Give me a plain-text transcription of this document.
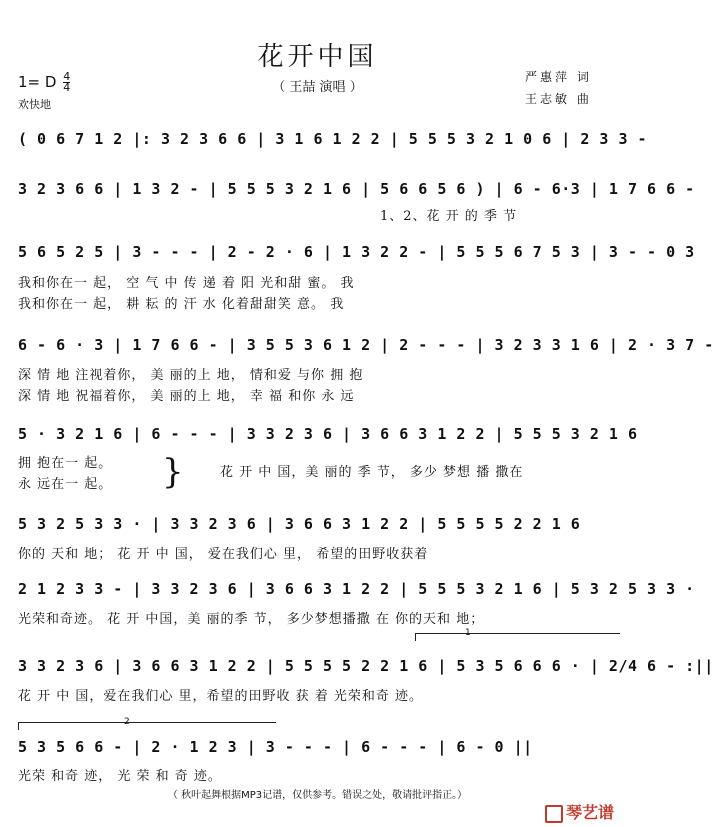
花开中国
（ 王喆 演唱 ）
1= D $\frac{4}{4}$
欢快地
严惠萍 词
王志敏 曲
( 0 6 7 1 2 |: 3 2 3 6 6 | 3 1 6 1 2 2 | 5 5 5 3 2 1 0 6 | 2 3 3 -
3 2 3 6 6 | 1 3 2 - | 5 5 5 3 2 1 6 | 5 6 6 5 6 ) | 6 - 6·3 | 1 7 6 6 -
1、2、花 开 的 季 节
5 6 5 2 5 | 3 - - - | 2 - 2 · 6 | 1 3 2 2 - | 5 5 5 6 7 5 3 | 3 - - 0 3
我和你在一 起， 空 气 中 传 递 着 阳 光和甜 蜜。 我
我和你在一 起， 耕 耘 的 汗 水 化着甜甜笑 意。 我
6 - 6 · 3 | 1 7 6 6 - | 3 5 5 3 6 1 2 | 2 - - - | 3 2 3 3 1 6 | 2 · 3 7 -
深 情 地 注视着你， 美 丽的上 地， 情和爱 与你 拥 抱
深 情 地 祝福着你， 美 丽的上 地， 幸 福 和你 永 远
5 · 3 2 1 6 | 6 - - - | 3 3 2 3 6 | 3 6 6 3 1 2 2 | 5 5 5 3 2 1 6
拥 抱在一 起。
永 远在一 起。 }	花 开 中 国，美 丽的 季 节， 多少 梦想 播 撒在
5 3 2 5 3 3 · | 3 3 2 3 6 | 3 6 6 3 1 2 2 | 5 5 5 5 2 2 1 6
你的 天和 地； 花 开 中 国， 爱在我们心 里， 希望的田野收获着
2 1 2 3 3 - | 3 3 2 3 6 | 3 6 6 3 1 2 2 | 5 5 5 3 2 1 6 | 5 3 2 5 3 3 ·
光荣和奇迹。 花 开 中国，美 丽的季 节， 多少梦想播撒 在 你的天和 地；
1
3 3 2 3 6 | 3 6 6 3 1 2 2 | 5 5 5 5 2 2 1 6 | 5 3 5 6 6 6 · | 2/4 6 - :||
花 开 中 国，爱在我们心 里，希望的田野收 获 着 光荣和奇 迹。
2
5 3 5 6 6 - | 2 · 1 2 3 | 3 - - - | 6 - - - | 6 - 0 ||
光荣 和奇 迹， 光 荣 和 奇 迹。
（ 秋叶起舞根据MP3记谱，仅供参考。错误之处，敬请批评指正。）
琴艺谱
